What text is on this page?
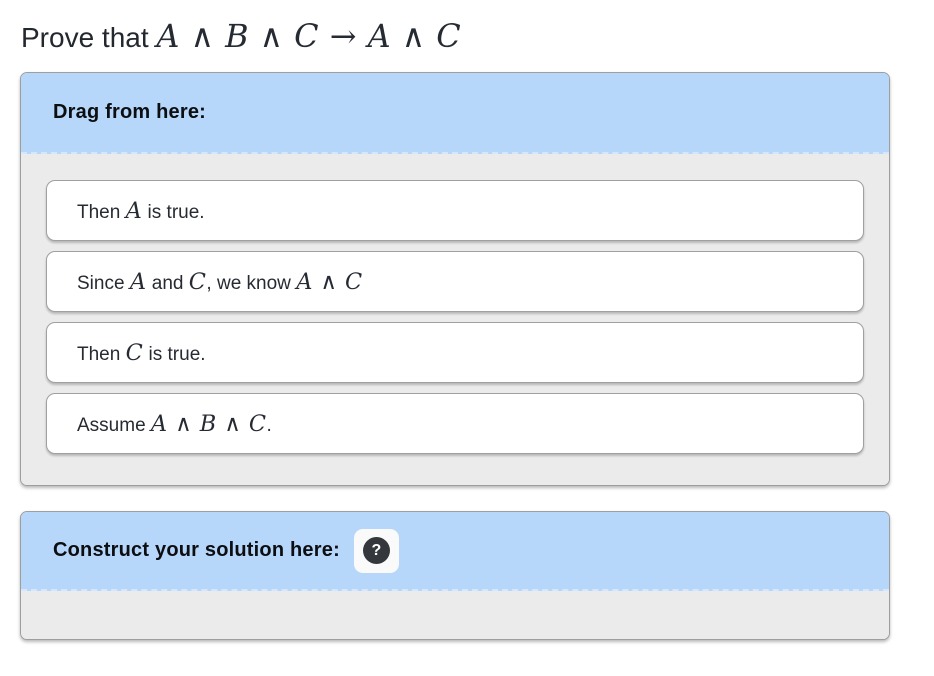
Prove that A ∧ B ∧ C → A ∧ C
Drag from here:
Then A is true.
Since A and C, we know A ∧ C
Then C is true.
Assume A ∧ B ∧ C.
Construct your solution here:	?
